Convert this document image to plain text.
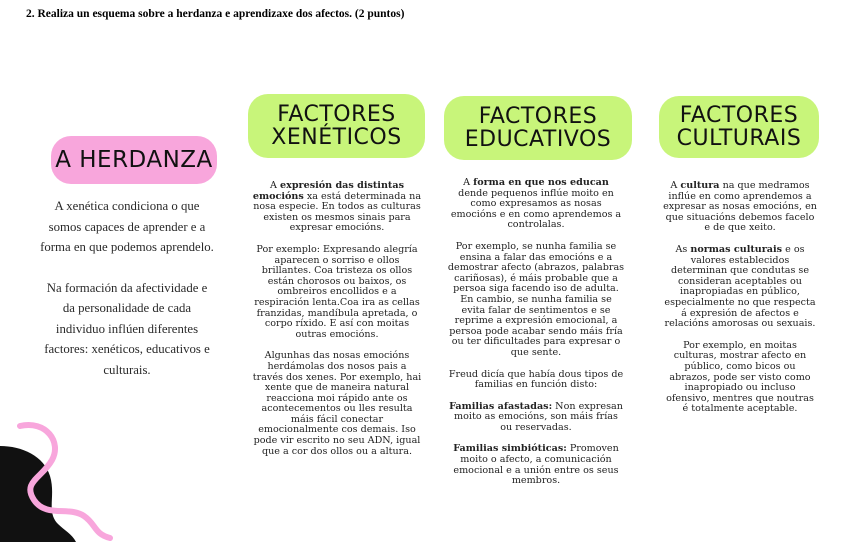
2. Realiza un esquema sobre a herdanza e aprendizaxe dos afectos. (2 puntos)
A HERDANZA

A xenética condiciona o que somos capaces de aprender e a forma en que podemos aprendelo.

Na formación da afectividade e da personalidade de cada individuo inflúen diferentes factores: xenéticos, educativos e culturais.

FACTORES
XENÉTICOS

A expresión das distintas emocións xa está determinada na nosa especie. En todos as culturas existen os mesmos sinais para expresar emocións.

Por exemplo: Expresando alegría aparecen o sorriso e ollos brillantes. Coa tristeza os ollos están chorosos ou baixos, os ombreiros encollidos e a respiración lenta.Coa ira as cellas franzidas, mandíbula apretada, o corpo ríxido. E así con moitas outras emocións.

Algunhas das nosas emocións herdámolas dos nosos pais a través dos xenes. Por exemplo, hai xente que de maneira natural reacciona moi rápido ante os acontecementos ou lles resulta máis fácil conectar emocionalmente cos demais. Iso pode vir escrito no seu ADN, igual que a cor dos ollos ou a altura.

FACTORES
EDUCATIVOS

A forma en que nos educan dende pequenos inflúe moito en como expresamos as nosas emocións e en como aprendemos a controlalas.

Por exemplo, se nunha familia se ensina a falar das emocións e a demostrar afecto (abrazos, palabras cariñosas), é máis probable que a persoa siga facendo iso de adulta. En cambio, se nunha familia se evita falar de sentimentos e se reprime a expresión emocional, a persoa pode acabar sendo máis fría ou ter dificultades para expresar o que sente.

Freud dicía que había dous tipos de familias en función disto:

Familias afastadas: Non expresan moito as emocións, son máis frías ou reservadas.

Familias simbióticas: Promoven moito o afecto, a comunicación emocional e a unión entre os seus membros.

FACTORES
CULTURAIS

A cultura na que medramos inflúe en como aprendemos a expresar as nosas emocións, en que situacións debemos facelo e de que xeito.

As normas culturais e os valores establecidos determinan que condutas se consideran aceptables ou inapropiadas en público, especialmente no que respecta á expresión de afectos e relacións amorosas ou sexuais.

Por exemplo, en moitas culturas, mostrar afecto en público, como bicos ou abrazos, pode ser visto como inapropiado ou incluso ofensivo, mentres que noutras é totalmente aceptable.
